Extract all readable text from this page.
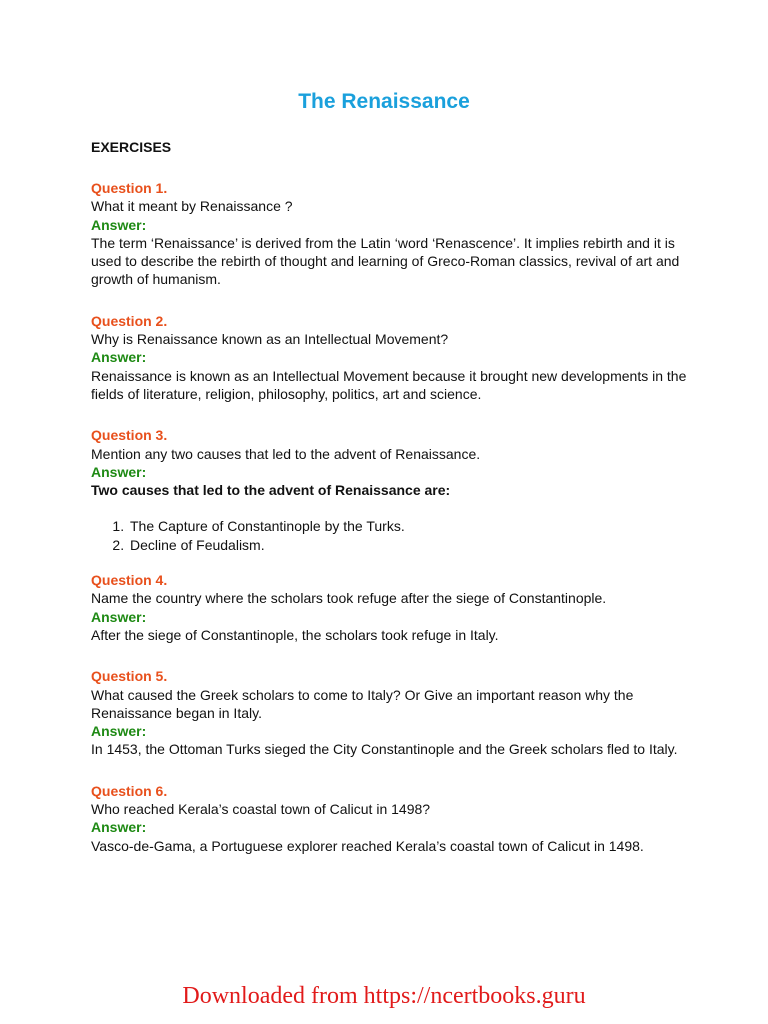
The Renaissance
EXERCISES
Question 1.
What it meant by Renaissance ?
Answer:
The term ‘Renaissance’ is derived from the Latin ‘word ‘Renascence’. It implies rebirth and it is used to describe the rebirth of thought and learning of Greco-Roman classics, revival of art and growth of humanism.
Question 2.
Why is Renaissance known as an Intellectual Movement?
Answer:
Renaissance is known as an Intellectual Movement because it brought new developments in the fields of literature, religion, philosophy, politics, art and science.
Question 3.
Mention any two causes that led to the advent of Renaissance.
Answer:
Two causes that led to the advent of Renaissance are:
1. The Capture of Constantinople by the Turks.
2. Decline of Feudalism.
Question 4.
Name the country where the scholars took refuge after the siege of Constantinople.
Answer:
After the siege of Constantinople, the scholars took refuge in Italy.
Question 5.
What caused the Greek scholars to come to Italy? Or Give an important reason why the Renaissance began in Italy.
Answer:
In 1453, the Ottoman Turks sieged the City Constantinople and the Greek scholars fled to Italy.
Question 6.
Who reached Kerala’s coastal town of Calicut in 1498?
Answer:
Vasco-de-Gama, a Portuguese explorer reached Kerala’s coastal town of Calicut in 1498.
Downloaded from https://ncertbooks.guru
